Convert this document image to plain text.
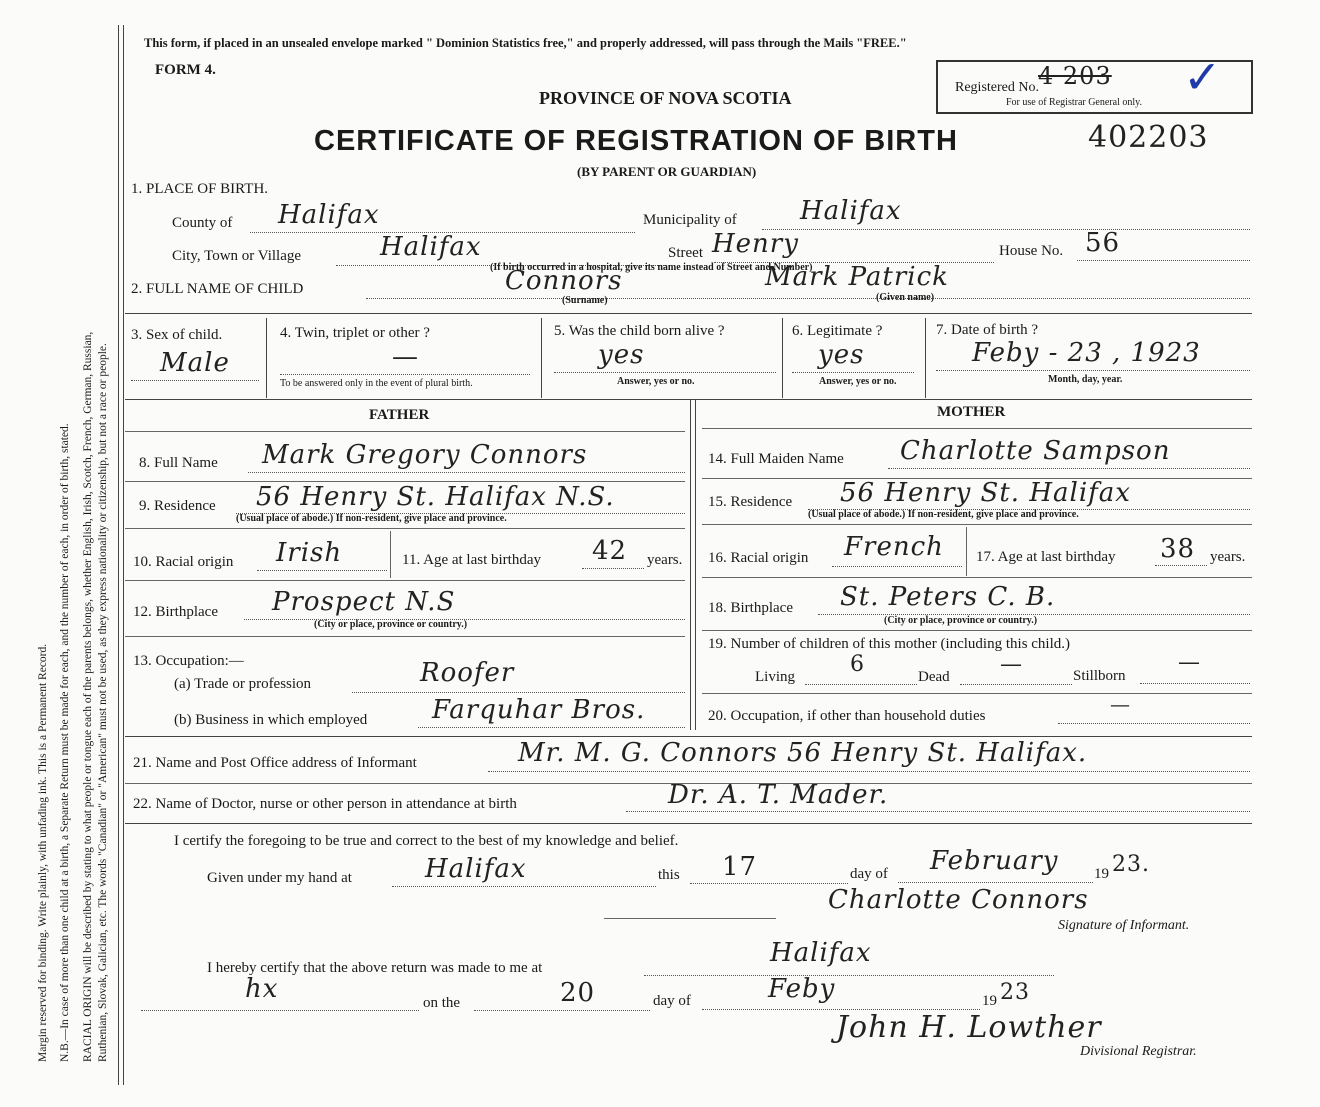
Margin reserved for binding. Write plainly, with unfading ink. This is a Permanent Record. N.B.—In case of more than one child at a birth, a Separate Return must be made for each, and the number of each, in order of birth, stated. RACIAL ORIGIN will be described by stating to what people or tongue each of the parents belongs, whether English, Irish, Scotch, French, German, Russian, Ruthenian, Slovak, Galician, etc. The words "Canadian" or "American" must not be used, as they express nationality or citizenship, but not a race or people.
This form, if placed in an unsealed envelope marked " Dominion Statistics free," and properly addressed, will pass through the Mails "FREE."
FORM 4.
PROVINCE OF NOVA SCOTIA
CERTIFICATE OF REGISTRATION OF BIRTH
(BY PARENT OR GUARDIAN)
402203
Registered No. 4 203
For use of Registrar General only. ✓
1. PLACE OF BIRTH.
County of Halifax	Municipality of Halifax
City, Town or Village	Halifax	Street Henry	House No. 56
(If birth occurred in a hospital, give its name instead of Street and Number)
2. FULL NAME OF CHILD	Connors	Mark Patrick
(Surname)	(Given name)
3. Sex of child.
Male
4. Twin, triplet or other ?
—
To be answered only in the event of plural birth.
5. Was the child born alive ?
yes
Answer, yes or no.
6. Legitimate ?
yes
Answer, yes or no.
7. Date of birth ?
Feby - 23 , 1923
Month, day, year.
FATHER	MOTHER
8. Full Name Mark Gregory Connors
9. Residence 56 Henry St. Halifax N.S.
(Usual place of abode.) If non-resident, give place and province.
10. Racial origin Irish	11. Age at last birthday 42 years.
12. Birthplace Prospect N.S
(City or place, province or country.)
13. Occupation:—
(a) Trade or profession	Roofer
(b) Business in which employed Farquhar Bros.
14. Full Maiden Name Charlotte Sampson
15. Residence 56 Henry St. Halifax
(Usual place of abode.) If non-resident, give place and province.
16. Racial origin French 17. Age at last birthday 38 years.
18. Birthplace St. Peters C. B.
(City or place, province or country.)
19. Number of children of this mother (including this child.)
Living	6	Dead —	Stillborn
—
20. Occupation, if other than household duties	—
21. Name and Post Office address of Informant	Mr. M. G. Connors 56 Henry St. Halifax.
22. Name of Doctor, nurse or other person in attendance at birth	Dr. A. T. Mader.
I certify the foregoing to be true and correct to the best of my knowledge and belief.
Given under my hand at	Halifax	this 17	day of February 19 23.
Charlotte Connors
Signature of Informant.
I hereby certify that the above return was made to me at	Halifax
hx	on the	20	day of	Feby	19 23
John H. Lowther
Divisional Registrar.
